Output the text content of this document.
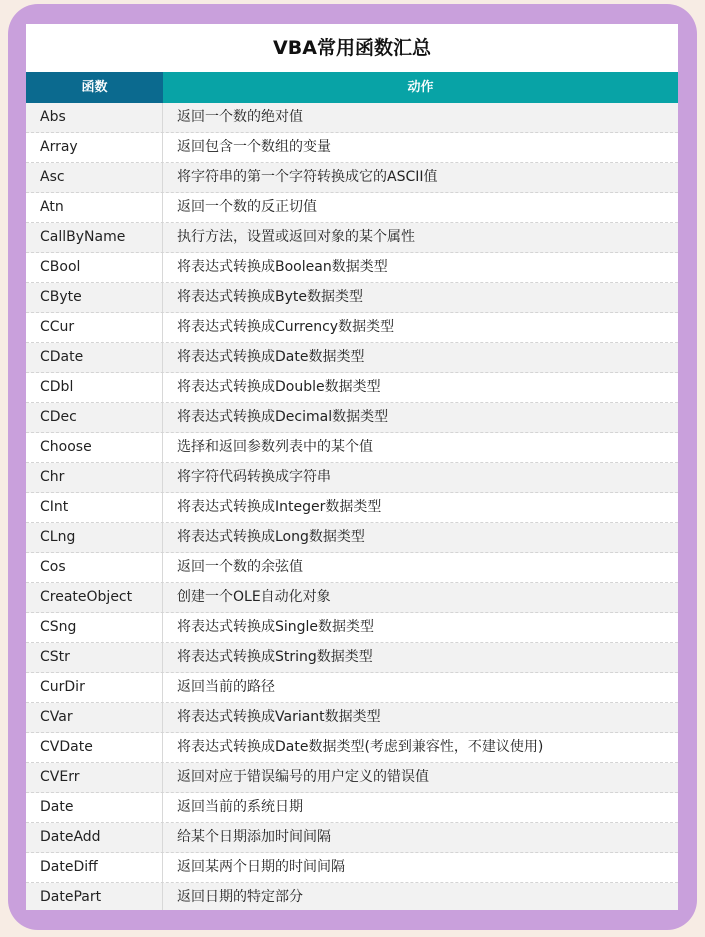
VBA常用函数汇总
函数	动作
Abs	返回一个数的绝对值
Array	返回包含一个数组的变量
Asc	将字符串的第一个字符转换成它的ASCII值
Atn	返回一个数的反正切值
CallByName	执行方法，设置或返回对象的某个属性
CBool	将表达式转换成Boolean数据类型
CByte	将表达式转换成Byte数据类型
CCur	将表达式转换成Currency数据类型
CDate	将表达式转换成Date数据类型
CDbl	将表达式转换成Double数据类型
CDec	将表达式转换成Decimal数据类型
Choose	选择和返回参数列表中的某个值
Chr	将字符代码转换成字符串
CInt	将表达式转换成Integer数据类型
CLng	将表达式转换成Long数据类型
Cos	返回一个数的余弦值
CreateObject	创建一个OLE自动化对象
CSng	将表达式转换成Single数据类型
CStr	将表达式转换成String数据类型
CurDir	返回当前的路径
CVar	将表达式转换成Variant数据类型
CVDate	将表达式转换成Date数据类型(考虑到兼容性，不建议使用)
CVErr	返回对应于错误编号的用户定义的错误值
Date	返回当前的系统日期
DateAdd	给某个日期添加时间间隔
DateDiff	返回某两个日期的时间间隔
DatePart	返回日期的特定部分
